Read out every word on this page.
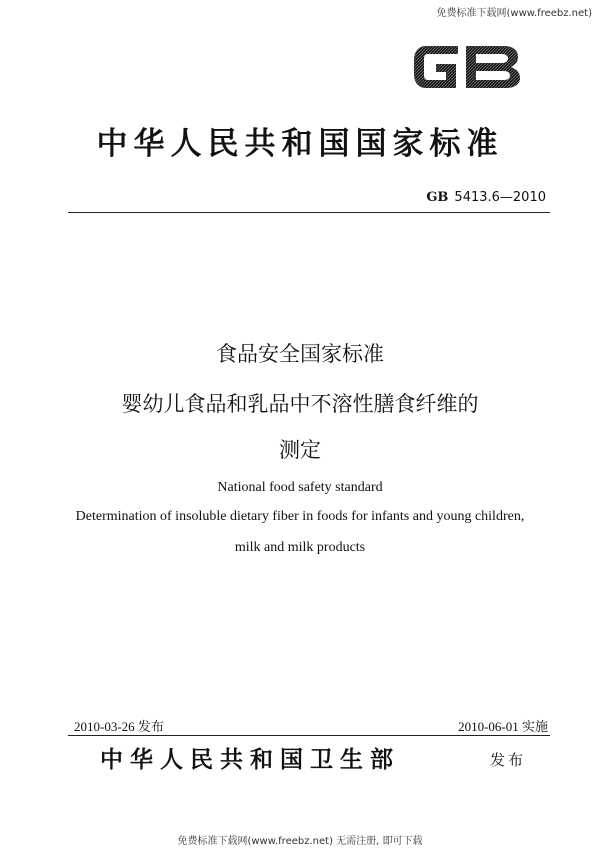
免费标准下载网(www.freebz.net)
中华人民共和国国家标准
GB 5413.6—2010
食品安全国家标准
婴幼儿食品和乳品中不溶性膳食纤维的
测定
National food safety standard
Determination of insoluble dietary fiber in foods for infants and young children,
milk and milk products
2010-03-26 发布	2010-06-01 实施
中华人民共和国卫生部	发布
免费标准下载网(www.freebz.net) 无需注册, 即可下载
